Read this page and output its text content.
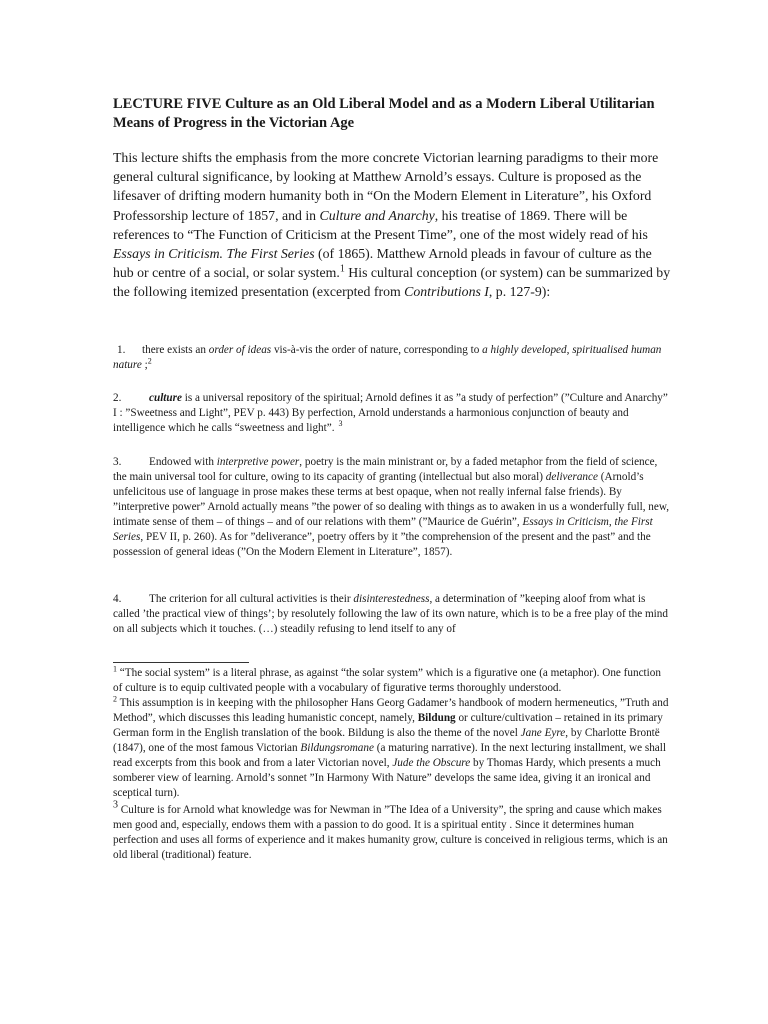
LECTURE FIVE Culture as an Old Liberal Model and as a Modern Liberal Utilitarian Means of Progress in the Victorian Age
This lecture shifts the emphasis from the more concrete Victorian learning paradigms to their more general cultural significance, by looking at Matthew Arnold’s essays. Culture is proposed as the lifesaver of drifting modern humanity both in “On the Modern Element in Literature”, his Oxford Professorship lecture of 1857, and in Culture and Anarchy, his treatise of 1869. There will be references to “The Function of Criticism at the Present Time”, one of the most widely read of his Essays in Criticism. The First Series (of 1865). Matthew Arnold pleads in favour of culture as the hub or centre of a social, or solar system.$^1$ His cultural conception (or system) can be summarized by the following itemized presentation (excerpted from Contributions I, p. 127-9):

1. there exists an order of ideas vis-à-vis the order of nature, corresponding to a highly developed, spiritualised human nature ;$^2$

2. culture is a universal repository of the spiritual; Arnold defines it as ”a study of perfection” (”Culture and Anarchy” I : ”Sweetness and Light”, PEV p. 443) By perfection, Arnold understands a harmonious conjunction of beauty and intelligence which he calls “sweetness and light”. $^3$

3. Endowed with interpretive power, poetry is the main ministrant or, by a faded metaphor from the field of science, the main universal tool for culture, owing to its capacity of granting (intellectual but also moral) deliverance (Arnold’s unfelicitous use of language in prose makes these terms at best opaque, when not really infernal false friends). By ”interpretive power” Arnold actually means ”the power of so dealing with things as to awaken in us a wonderfully full, new, intimate sense of them – of things – and of our relations with them” (”Maurice de Guérin”, Essays in Criticism, the First Series, PEV II, p. 260). As for ”deliverance”, poetry offers by it ”the comprehension of the present and the past” and the possession of general ideas (”On the Modern Element in Literature”, 1857).

4. The criterion for all cultural activities is their disinterestedness, a determination of ”keeping aloof from what is called ’the practical view of things’; by resolutely following the law of its own nature, which is to be a free play of the mind on all subjects which it touches. (…) steadily refusing to lend itself to any of

$^1$ “The social system” is a literal phrase, as against “the solar system” which is a figurative one (a metaphor). One function of culture is to equip cultivated people with a vocabulary of figurative terms thoroughly understood.

$^2$ This assumption is in keeping with the philosopher Hans Georg Gadamer’s handbook of modern hermeneutics, ”Truth and Method”, which discusses this leading humanistic concept, namely, Bildung or culture/cultivation – retained in its primary German form in the English translation of the book. Bildung is also the theme of the novel Jane Eyre, by Charlotte Brontë (1847), one of the most famous Victorian Bildungsromane (a maturing narrative). In the next lecturing installment, we shall read excerpts from this book and from a later Victorian novel, Jude the Obscure by Thomas Hardy, which presents a much somberer view of learning. Arnold’s sonnet ”In Harmony With Nature” develops the same idea, giving it an ironical and sceptical turn).

$^3$ Culture is for Arnold what knowledge was for Newman in ”The Idea of a University”, the spring and cause which makes men good and, especially, endows them with a passion to do good. It is a spiritual entity . Since it determines human perfection and uses all forms of experience and it makes humanity grow, culture is conceived in religious terms, which is an old liberal (traditional) feature.
